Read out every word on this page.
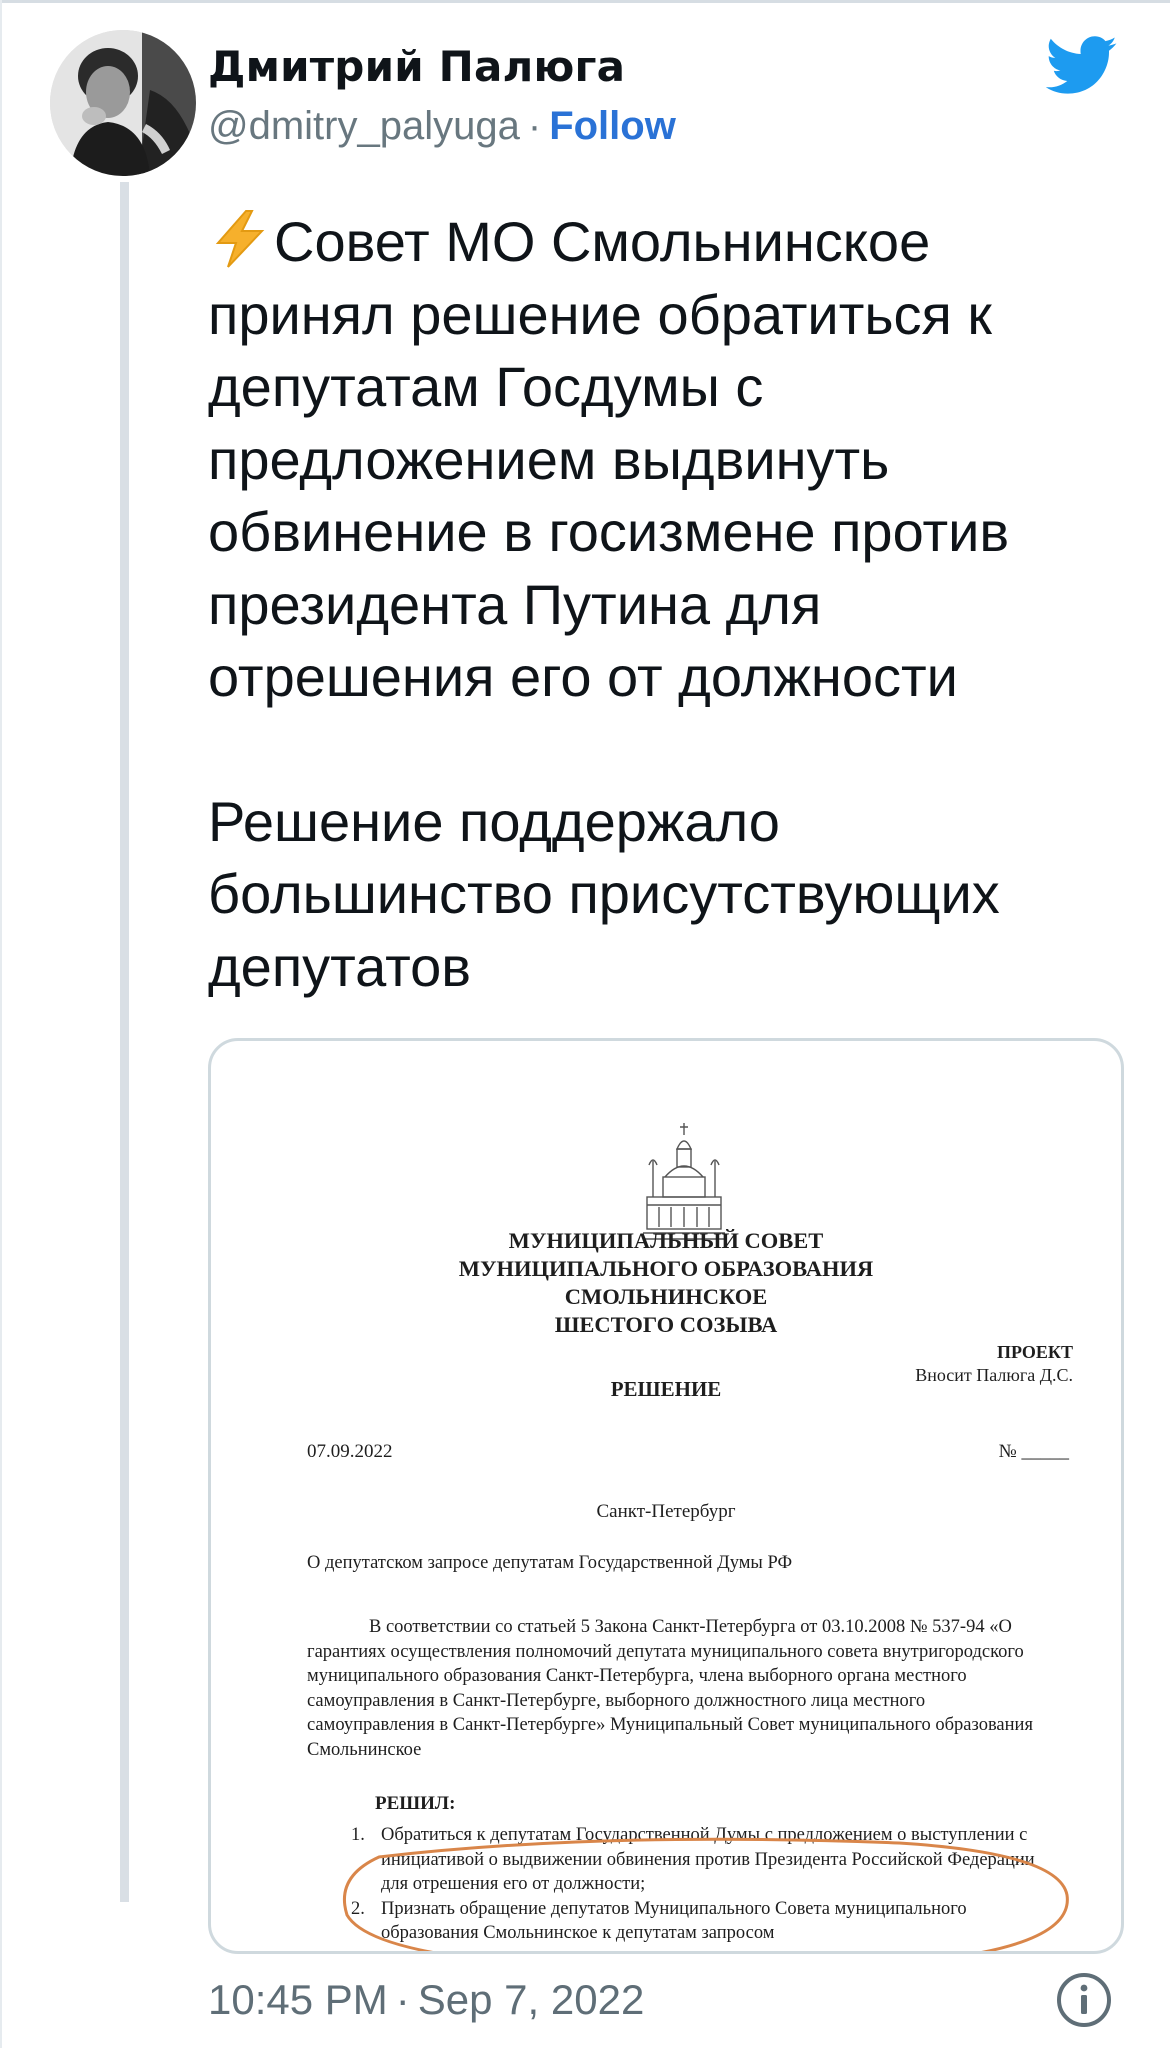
Дмитрий Палюга
@dmitry_palyuga · Follow

Совет МО Смольнинское
принял решение обратиться к
депутатам Госдумы с
предложением выдвинуть
обвинение в госизмене против
президента Путина для
отрешения его от должности

Решение поддержало
большинство присутствующих
депутатов

МУНИЦИПАЛЬНЫЙ СОВЕТ
МУНИЦИПАЛЬНОГО ОБРАЗОВАНИЯ
СМОЛЬНИНСКОЕ
ШЕСТОГО СОЗЫВА
ПРОЕКТ
Вносит Палюга Д.С.
РЕШЕНИЕ
07.09.2022	№ _____
Санкт-Петербург
О депутатском запросе депутатам Государственной Думы РФ
В соответствии со статьей 5 Закона Санкт-Петербурга от 03.10.2008 № 537-94 «О гарантиях осуществления полномочий депутата муниципального совета внутригородского муниципального образования Санкт-Петербурга, члена выборного органа местного самоуправления в Санкт-Петербурге, выборного должностного лица местного самоуправления в Санкт-Петербурге» Муниципальный Совет муниципального образования Смольнинское
РЕШИЛ:
1. Обратиться к депутатам Государственной Думы с предложением о выступлении с инициативой о выдвижении обвинения против Президента Российской Федерации для отрешения его от должности;
2. Признать обращение депутатов Муниципального Совета муниципального образования Смольнинское к депутатам запросом
10:45 PM · Sep 7, 2022
